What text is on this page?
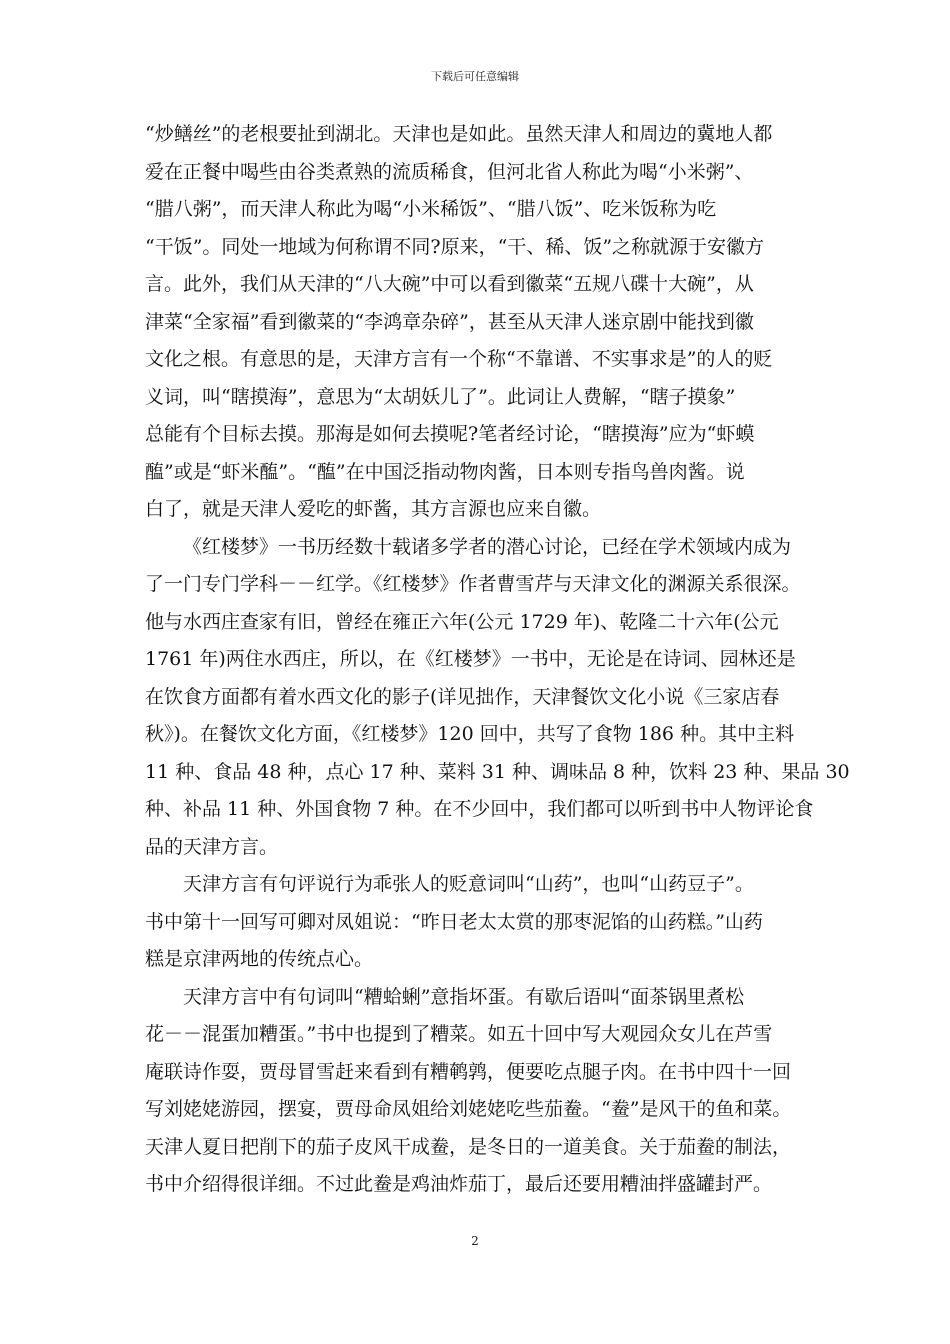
下载后可任意编辑
“炒鳝丝”的老根要扯到湖北。天津也是如此。虽然天津人和周边的冀地人都
爱在正餐中喝些由谷类煮熟的流质稀食，但河北省人称此为喝“小米粥”、
“腊八粥”，而天津人称此为喝“小米稀饭”、“腊八饭”、吃米饭称为吃
“干饭”。同处一地域为何称谓不同?原来，“干、稀、饭”之称就源于安徽方
言。此外，我们从天津的“八大碗”中可以看到徽菜“五规八碟十大碗”，从
津菜“全家福”看到徽菜的“李鸿章杂碎”，甚至从天津人迷京剧中能找到徽
文化之根。有意思的是，天津方言有一个称“不靠谱、不实事求是”的人的贬
义词，叫“瞎摸海”，意思为“太胡妖儿了”。此词让人费解，“瞎子摸象”
总能有个目标去摸。那海是如何去摸呢?笔者经讨论，“瞎摸海”应为“虾蟆
醢”或是“虾米醢”。“醢”在中国泛指动物肉酱，日本则专指鸟兽肉酱。说
白了，就是天津人爱吃的虾酱，其方言源也应来自徽。
《红楼梦》一书历经数十载诸多学者的潜心讨论，已经在学术领域内成为
了一门专门学科－－红学。《红楼梦》作者曹雪芹与天津文化的渊源关系很深。
他与水西庄查家有旧，曾经在雍正六年(公元 1729 年)、乾隆二十六年(公元
1761 年)两住水西庄，所以，在《红楼梦》一书中，无论是在诗词、园林还是
在饮食方面都有着水西文化的影子(详见拙作，天津餐饮文化小说《三家店春
秋》)。在餐饮文化方面，《红楼梦》120 回中，共写了食物 186 种。其中主料
11 种、食品 48 种，点心 17 种、菜料 31 种、调味品 8 种，饮料 23 种、果品 30
种、补品 11 种、外国食物 7 种。在不少回中，我们都可以听到书中人物评论食
品的天津方言。
天津方言有句评说行为乖张人的贬意词叫“山药”，也叫“山药豆子”。
书中第十一回写可卿对凤姐说：“昨日老太太赏的那枣泥馅的山药糕。”山药
糕是京津两地的传统点心。
天津方言中有句词叫“糟蛤蜊”意指坏蛋。有歇后语叫“面茶锅里煮松
花－－混蛋加糟蛋。”书中也提到了糟菜。如五十回中写大观园众女儿在芦雪
庵联诗作耍，贾母冒雪赶来看到有糟鹌鹑，便要吃点腿子肉。在书中四十一回
写刘姥姥游园，摆宴，贾母命凤姐给刘姥姥吃些茄鲞。“鲞”是风干的鱼和菜。
天津人夏日把削下的茄子皮风干成鲞，是冬日的一道美食。关于茄鲞的制法，
书中介绍得很详细。不过此鲞是鸡油炸茄丁，最后还要用糟油拌盛罐封严。
2
